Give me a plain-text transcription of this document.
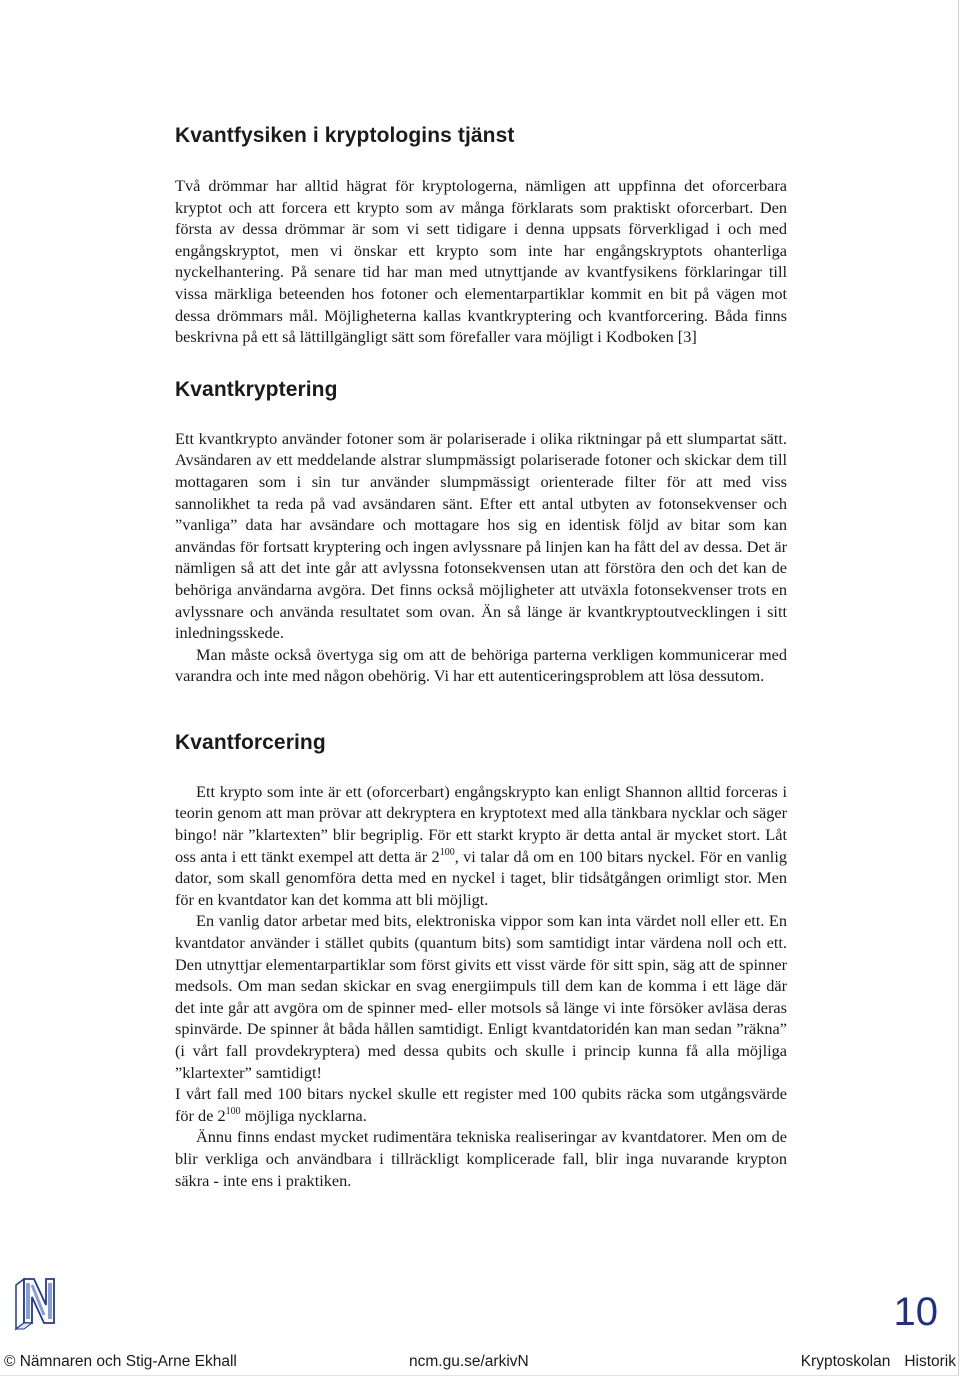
Kvantfysiken i kryptologins tjänst

Två drömmar har alltid hägrat för kryptologerna, nämligen att uppfinna det oforcerbara kryptot och att forcera ett krypto som av många förklarats som praktiskt oforcerbart. Den första av dessa drömmar är som vi sett tidigare i denna uppsats förverkligad i och med engångskryptot, men vi önskar ett krypto som inte har engångskryptots ohanterliga nyckelhantering. På senare tid har man med utnyttjande av kvantfysikens förklaringar till vissa märkliga beteenden hos fotoner och elementarpartiklar kommit en bit på vägen mot dessa drömmars mål. Möjligheterna kallas kvantkryptering och kvantforcering. Båda finns beskrivna på ett så lättillgängligt sätt som förefaller vara möjligt i Kodboken [3]

Kvantkryptering

Ett kvantkrypto använder fotoner som är polariserade i olika riktningar på ett slumpartat sätt. Avsändaren av ett meddelande alstrar slumpmässigt polariserade fotoner och skickar dem till mottagaren som i sin tur använder slumpmässigt orienterade filter för att med viss sannolikhet ta reda på vad avsändaren sänt. Efter ett antal utbyten av fotonsekvenser och ”vanliga” data har avsändare och mottagare hos sig en identisk följd av bitar som kan användas för fortsatt kryptering och ingen avlyssnare på linjen kan ha fått del av dessa. Det är nämligen så att det inte går att avlyssna fotonsekvensen utan att förstöra den och det kan de behöriga användarna avgöra. Det finns också möjligheter att utväxla fotonsekvenser trots en avlyssnare och använda resultatet som ovan. Än så länge är kvantkryptoutvecklingen i sitt inledningsskede.

Man måste också övertyga sig om att de behöriga parterna verkligen kommunicerar med varandra och inte med någon obehörig. Vi har ett autenticeringsproblem att lösa dessutom.

Kvantforcering

Ett krypto som inte är ett (oforcerbart) engångskrypto kan enligt Shannon alltid forceras i teorin genom att man prövar att dekryptera en kryptotext med alla tänkbara nycklar och säger bingo! när ”klartexten” blir begriplig. För ett starkt krypto är detta antal är mycket stort. Låt oss anta i ett tänkt exempel att detta är $2^{100}$, vi talar då om en 100 bitars nyckel. För en vanlig dator, som skall genomföra detta med en nyckel i taget, blir tidsåtgången orimligt stor. Men för en kvantdator kan det komma att bli möjligt.

En vanlig dator arbetar med bits, elektroniska vippor som kan inta värdet noll eller ett. En kvantdator använder i stället qubits (quantum bits) som samtidigt intar värdena noll och ett. Den utnyttjar elementarpartiklar som först givits ett visst värde för sitt spin, säg att de spinner medsols. Om man sedan skickar en svag energiimpuls till dem kan de komma i ett läge där det inte går att avgöra om de spinner med- eller motsols så länge vi inte försöker avläsa deras spinvärde. De spinner åt båda hållen samtidigt. Enligt kvantdatoridén kan man sedan ”räkna” (i vårt fall provdekryptera) med dessa qubits och skulle i princip kunna få alla möjliga ”klartexter” samtidigt!

I vårt fall med 100 bitars nyckel skulle ett register med 100 qubits räcka som utgångsvärde för de $2^{100}$ möjliga nycklarna.

Ännu finns endast mycket rudimentära tekniska realiseringar av kvantdatorer. Men om de blir verkliga och användbara i tillräckligt komplicerade fall, blir inga nuvarande krypton säkra - inte ens i praktiken.

10
© Nämnaren och Stig-Arne Ekhall	ncm.gu.se/arkivN	Kryptoskolan Historik
